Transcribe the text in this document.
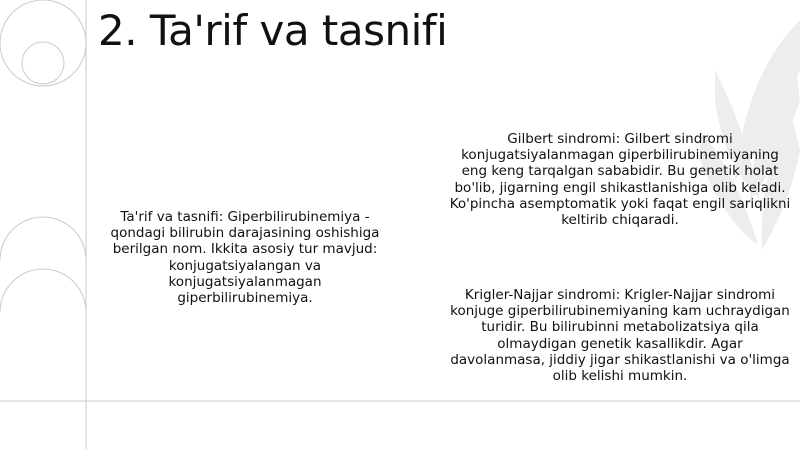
2. Ta'rif va tasnifi
Ta'rif va tasnifi: Giperbilirubinemiya - qondagi bilirubin darajasining oshishiga berilgan nom. Ikkita asosiy tur mavjud: konjugatsiyalangan va konjugatsiyalanmagan giperbilirubinemiya.
Gilbert sindromi: Gilbert sindromi konjugatsiyalanmagan giperbilirubinemiyaning eng keng tarqalgan sababidir. Bu genetik holat bo'lib, jigarning engil shikastlanishiga olib keladi. Ko'pincha asemptomatik yoki faqat engil sariqlikni keltirib chiqaradi.
Krigler-Najjar sindromi: Krigler-Najjar sindromi konjuge giperbilirubinemiyaning kam uchraydigan turidir. Bu bilirubinni metabolizatsiya qila olmaydigan genetik kasallikdir. Agar davolanmasa, jiddiy jigar shikastlanishi va o'limga olib kelishi mumkin.
